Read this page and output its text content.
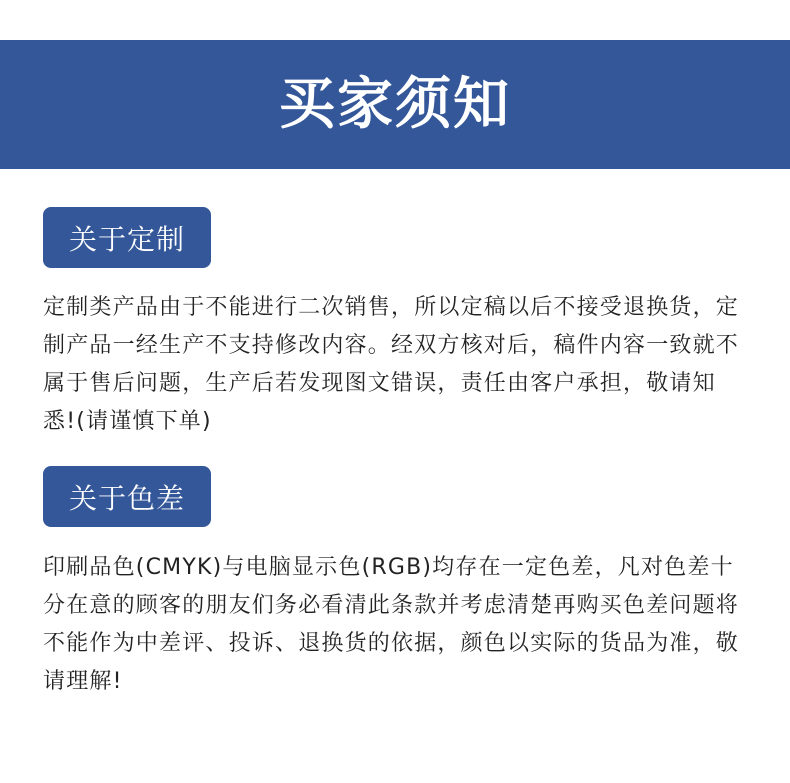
买家须知
关于定制

定制类产品由于不能进行二次销售，所以定稿以后不接受退换货，定制产品一经生产不支持修改内容。经双方核对后，稿件内容一致就不属于售后问题，生产后若发现图文错误，责任由客户承担，敬请知悉!(请谨慎下单)

关于色差

印刷品色(CMYK)与电脑显示色(RGB)均存在一定色差，凡对色差十分在意的顾客的朋友们务必看清此条款并考虑清楚再购买色差问题将不能作为中差评、投诉、退换货的依据，颜色以实际的货品为准，敬请理解!
